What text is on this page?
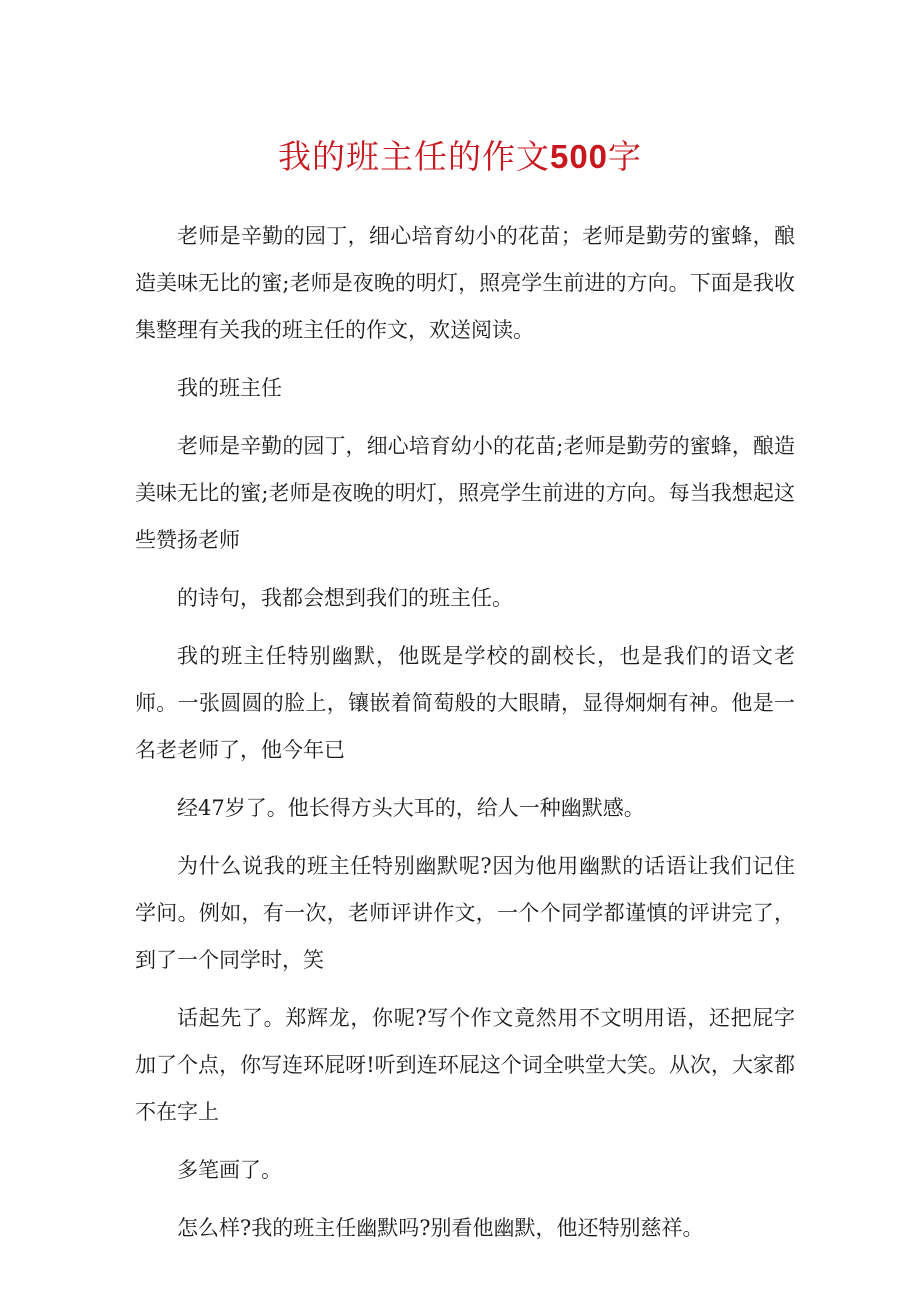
我的班主任的作文500字

老师是辛勤的园丁，细心培育幼小的花苗；老师是勤劳的蜜蜂，酿造美味无比的蜜;老师是夜晚的明灯，照亮学生前进的方向。下面是我收集整理有关我的班主任的作文，欢送阅读。

我的班主任

老师是辛勤的园丁，细心培育幼小的花苗;老师是勤劳的蜜蜂，酿造美味无比的蜜;老师是夜晚的明灯，照亮学生前进的方向。每当我想起这些赞扬老师

的诗句，我都会想到我们的班主任。

我的班主任特别幽默，他既是学校的副校长，也是我们的语文老师。一张圆圆的脸上，镶嵌着简萄般的大眼睛，显得炯炯有神。他是一名老老师了，他今年已

经47岁了。他长得方头大耳的，给人一种幽默感。

为什么说我的班主任特别幽默呢?因为他用幽默的话语让我们记住学问。例如，有一次，老师评讲作文，一个个同学都谨慎的评讲完了，到了一个同学时，笑

话起先了。郑辉龙，你呢?写个作文竟然用不文明用语，还把屁字加了个点，你写连环屁呀!听到连环屁这个词全哄堂大笑。从次，大家都不在字上

多笔画了。

怎么样?我的班主任幽默吗?别看他幽默，他还特别慈祥。
